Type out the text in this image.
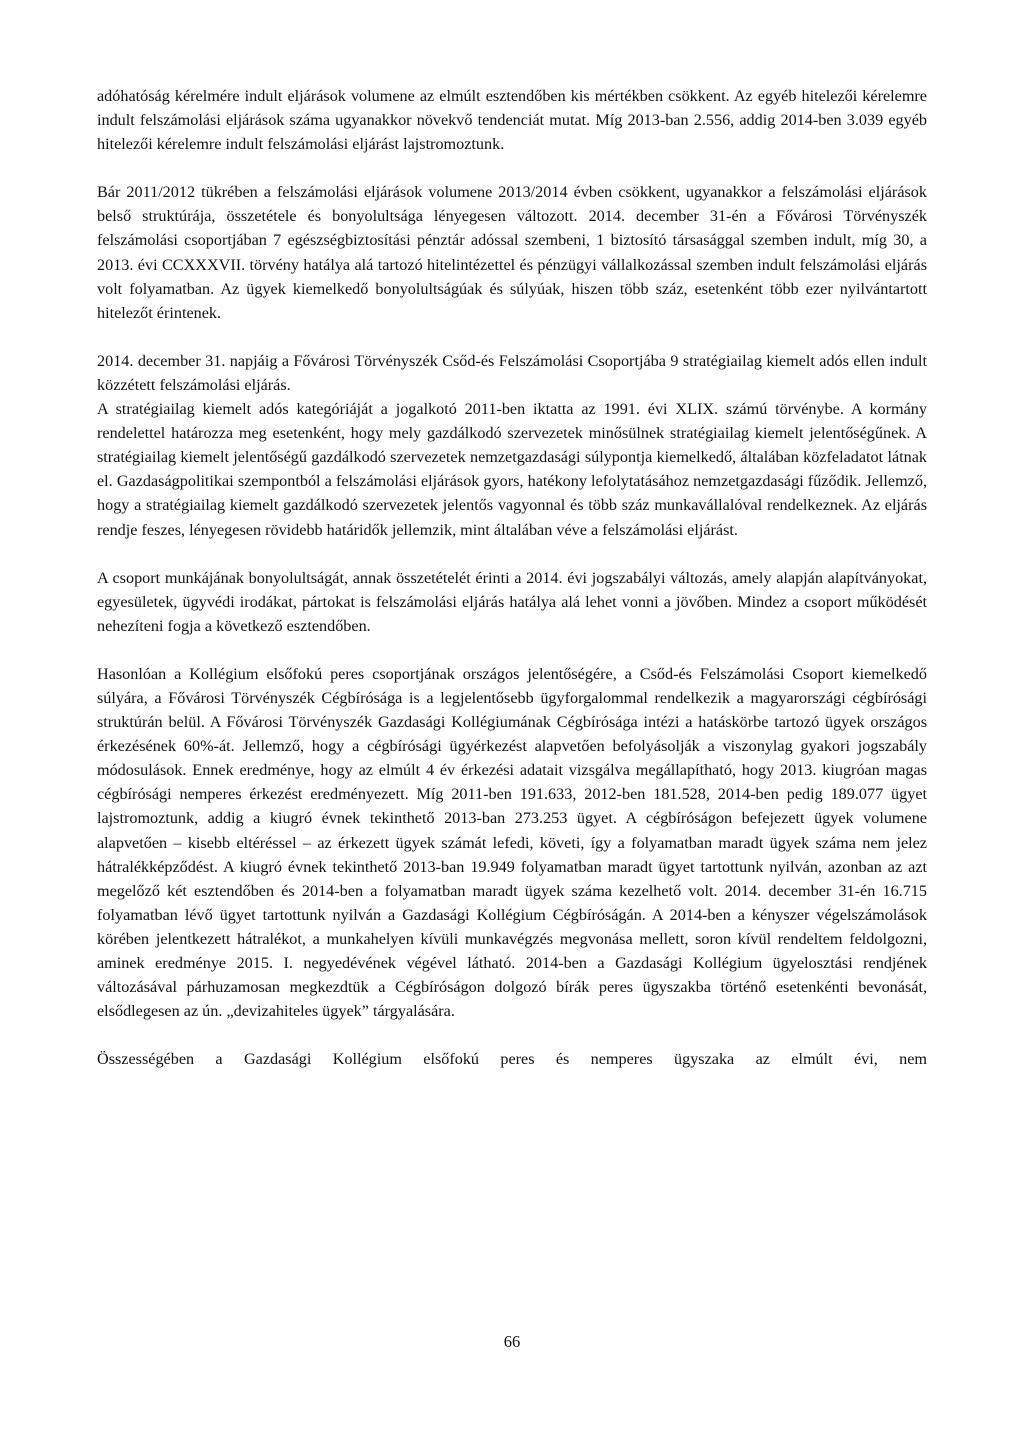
adóhatóság kérelmére indult eljárások volumene az elmúlt esztendőben kis mértékben csökkent. Az egyéb hitelezői kérelemre indult felszámolási eljárások száma ugyanakkor növekvő tendenciát mutat. Míg 2013-ban 2.556, addig 2014-ben 3.039 egyéb hitelezői kérelemre indult felszámolási eljárást lajstromoztunk.

Bár 2011/2012 tükrében a felszámolási eljárások volumene 2013/2014 évben csökkent, ugyanakkor a felszámolási eljárások belső struktúrája, összetétele és bonyolultsága lényegesen változott. 2014. december 31-én a Fővárosi Törvényszék felszámolási csoportjában 7 egészségbiztosítási pénztár adóssal szembeni, 1 biztosító társasággal szemben indult, míg 30, a 2013. évi CCXXXVII. törvény hatálya alá tartozó hitelintézettel és pénzügyi vállalkozással szemben indult felszámolási eljárás volt folyamatban. Az ügyek kiemelkedő bonyolultságúak és súlyúak, hiszen több száz, esetenként több ezer nyilvántartott hitelezőt érintenek.

2014. december 31. napjáig a Fővárosi Törvényszék Csőd-és Felszámolási Csoportjába 9 stratégiailag kiemelt adós ellen indult közzétett felszámolási eljárás.

A stratégiailag kiemelt adós kategóriáját a jogalkotó 2011-ben iktatta az 1991. évi XLIX. számú törvénybe. A kormány rendelettel határozza meg esetenként, hogy mely gazdálkodó szervezetek minősülnek stratégiailag kiemelt jelentőségűnek. A stratégiailag kiemelt jelentőségű gazdálkodó szervezetek nemzetgazdasági súlypontja kiemelkedő, általában közfeladatot látnak el. Gazdaságpolitikai szempontból a felszámolási eljárások gyors, hatékony lefolytatásához nemzetgazdasági fűződik. Jellemző, hogy a stratégiailag kiemelt gazdálkodó szervezetek jelentős vagyonnal és több száz munkavállalóval rendelkeznek. Az eljárás rendje feszes, lényegesen rövidebb határidők jellemzik, mint általában véve a felszámolási eljárást.

A csoport munkájának bonyolultságát, annak összetételét érinti a 2014. évi jogszabályi változás, amely alapján alapítványokat, egyesületek, ügyvédi irodákat, pártokat is felszámolási eljárás hatálya alá lehet vonni a jövőben. Mindez a csoport működését nehezíteni fogja a következő esztendőben.

Hasonlóan a Kollégium elsőfokú peres csoportjának országos jelentőségére, a Csőd-és Felszámolási Csoport kiemelkedő súlyára, a Fővárosi Törvényszék Cégbírósága is a legjelentősebb ügyforgalommal rendelkezik a magyarországi cégbírósági struktúrán belül. A Fővárosi Törvényszék Gazdasági Kollégiumának Cégbírósága intézi a hatáskörbe tartozó ügyek országos érkezésének 60%-át. Jellemző, hogy a cégbírósági ügyérkezést alapvetően befolyásolják a viszonylag gyakori jogszabály módosulások. Ennek eredménye, hogy az elmúlt 4 év érkezési adatait vizsgálva megállapítható, hogy 2013. kiugróan magas cégbírósági nemperes érkezést eredményezett. Míg 2011-ben 191.633, 2012-ben 181.528, 2014-ben pedig 189.077 ügyet lajstromoztunk, addig a kiugró évnek tekinthető 2013-ban 273.253 ügyet. A cégbíróságon befejezett ügyek volumene alapvetően – kisebb eltéréssel – az érkezett ügyek számát lefedi, követi, így a folyamatban maradt ügyek száma nem jelez hátralékképződést. A kiugró évnek tekinthető 2013-ban 19.949 folyamatban maradt ügyet tartottunk nyilván, azonban az azt megelőző két esztendőben és 2014-ben a folyamatban maradt ügyek száma kezelhető volt. 2014. december 31-én 16.715 folyamatban lévő ügyet tartottunk nyilván a Gazdasági Kollégium Cégbíróságán. A 2014-ben a kényszer végelszámolások körében jelentkezett hátralékot, a munkahelyen kívüli munkavégzés megvonása mellett, soron kívül rendeltem feldolgozni, aminek eredménye 2015. I. negyedévének végével látható. 2014-ben a Gazdasági Kollégium ügyelosztási rendjének változásával párhuzamosan megkezdtük a Cégbíróságon dolgozó bírák peres ügyszakba történő esetenkénti bevonását, elsődlegesen az ún. „devizahiteles ügyek” tárgyalására.

Összességében a Gazdasági Kollégium elsőfokú peres és nemperes ügyszaka az elmúlt évi, nem

66
